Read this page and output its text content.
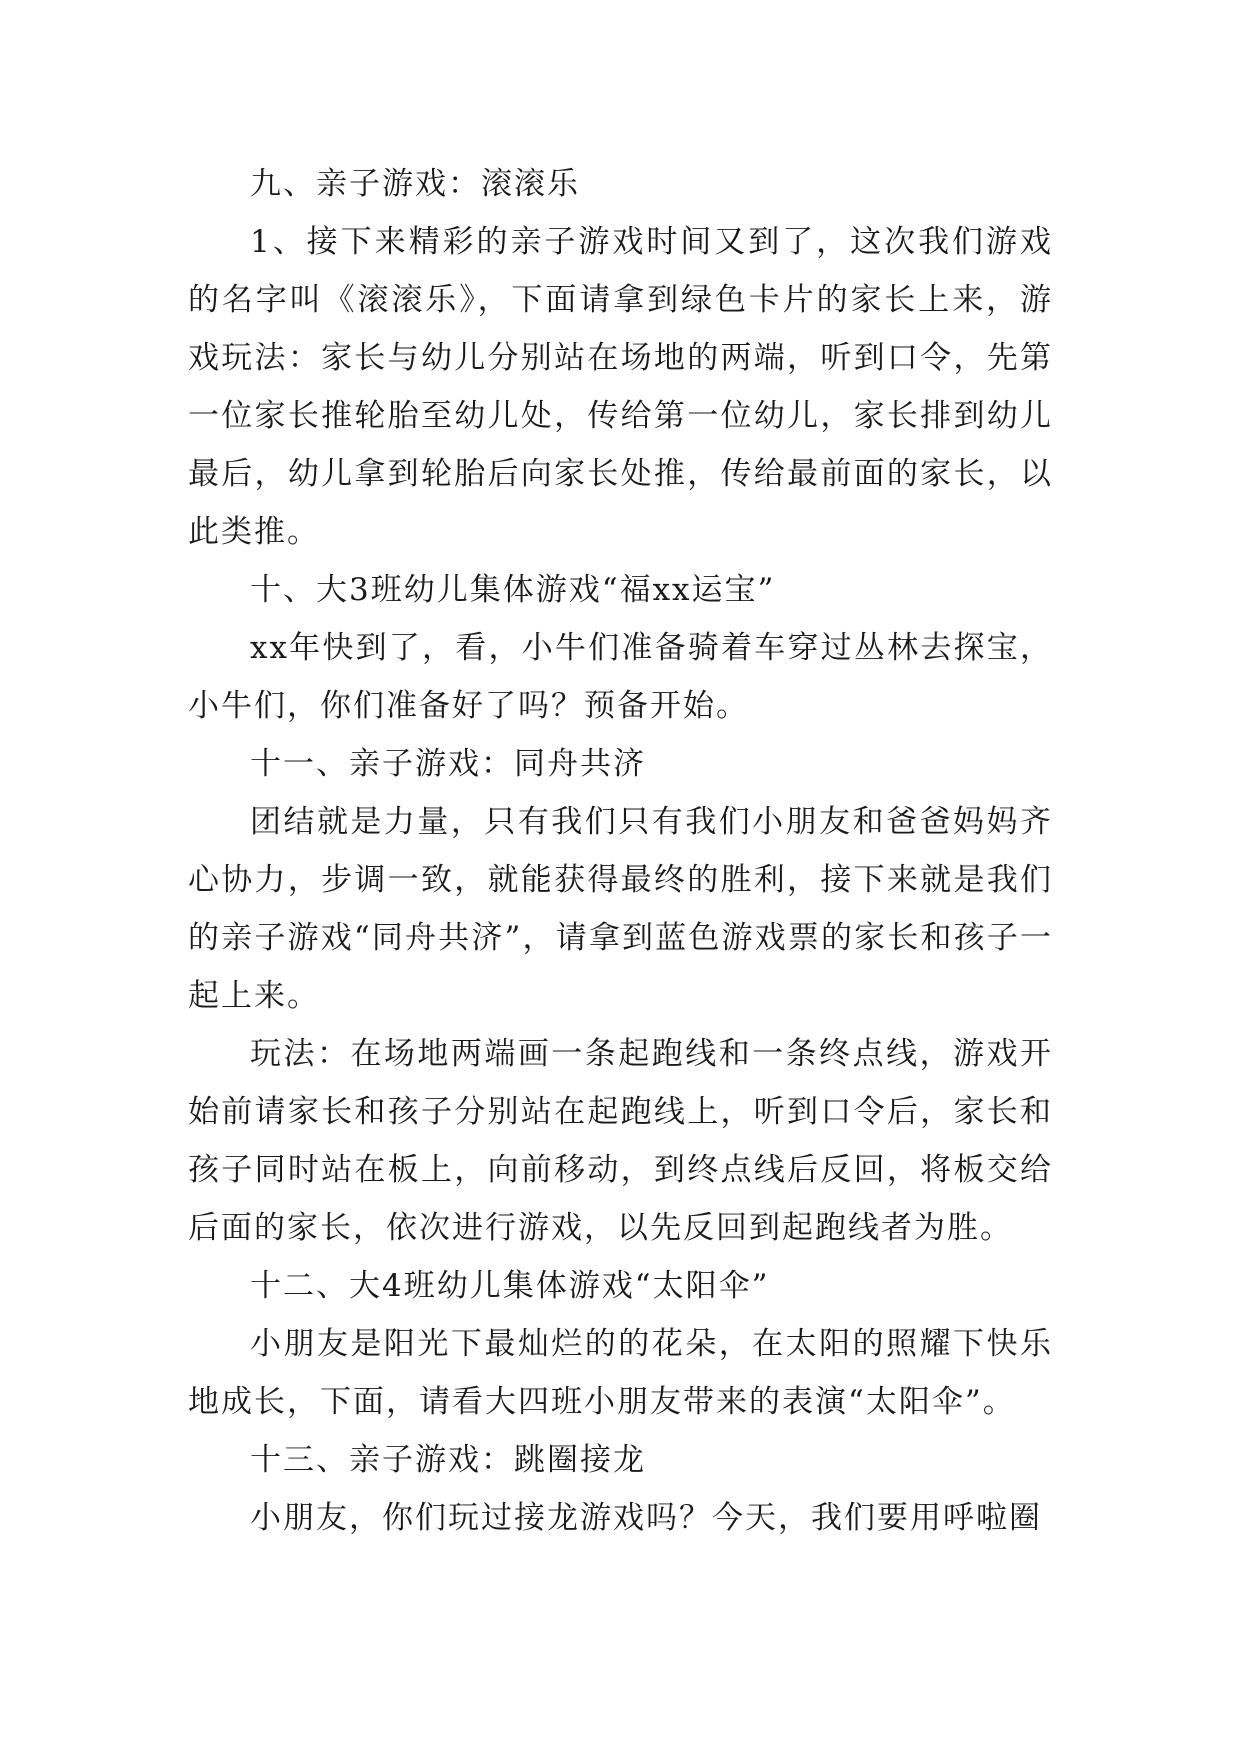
九、亲子游戏：滚滚乐

1、接下来精彩的亲子游戏时间又到了，这次我们游戏的名字叫《滚滚乐》，下面请拿到绿色卡片的家长上来，游戏玩法：家长与幼儿分别站在场地的两端，听到口令，先第一位家长推轮胎至幼儿处，传给第一位幼儿，家长排到幼儿最后，幼儿拿到轮胎后向家长处推，传给最前面的家长，以此类推。

十、大3班幼儿集体游戏“福xx运宝”

xx年快到了，看，小牛们准备骑着车穿过丛林去探宝，小牛们，你们准备好了吗？预备开始。

十一、亲子游戏：同舟共济

团结就是力量，只有我们只有我们小朋友和爸爸妈妈齐心协力，步调一致，就能获得最终的胜利，接下来就是我们的亲子游戏“同舟共济”，请拿到蓝色游戏票的家长和孩子一起上来。

玩法：在场地两端画一条起跑线和一条终点线，游戏开始前请家长和孩子分别站在起跑线上，听到口令后，家长和孩子同时站在板上，向前移动，到终点线后反回，将板交给后面的家长，依次进行游戏，以先反回到起跑线者为胜。

十二、大4班幼儿集体游戏“太阳伞”

小朋友是阳光下最灿烂的的花朵，在太阳的照耀下快乐地成长，下面，请看大四班小朋友带来的表演“太阳伞”。

十三、亲子游戏：跳圈接龙

小朋友，你们玩过接龙游戏吗？今天，我们要用呼啦圈
